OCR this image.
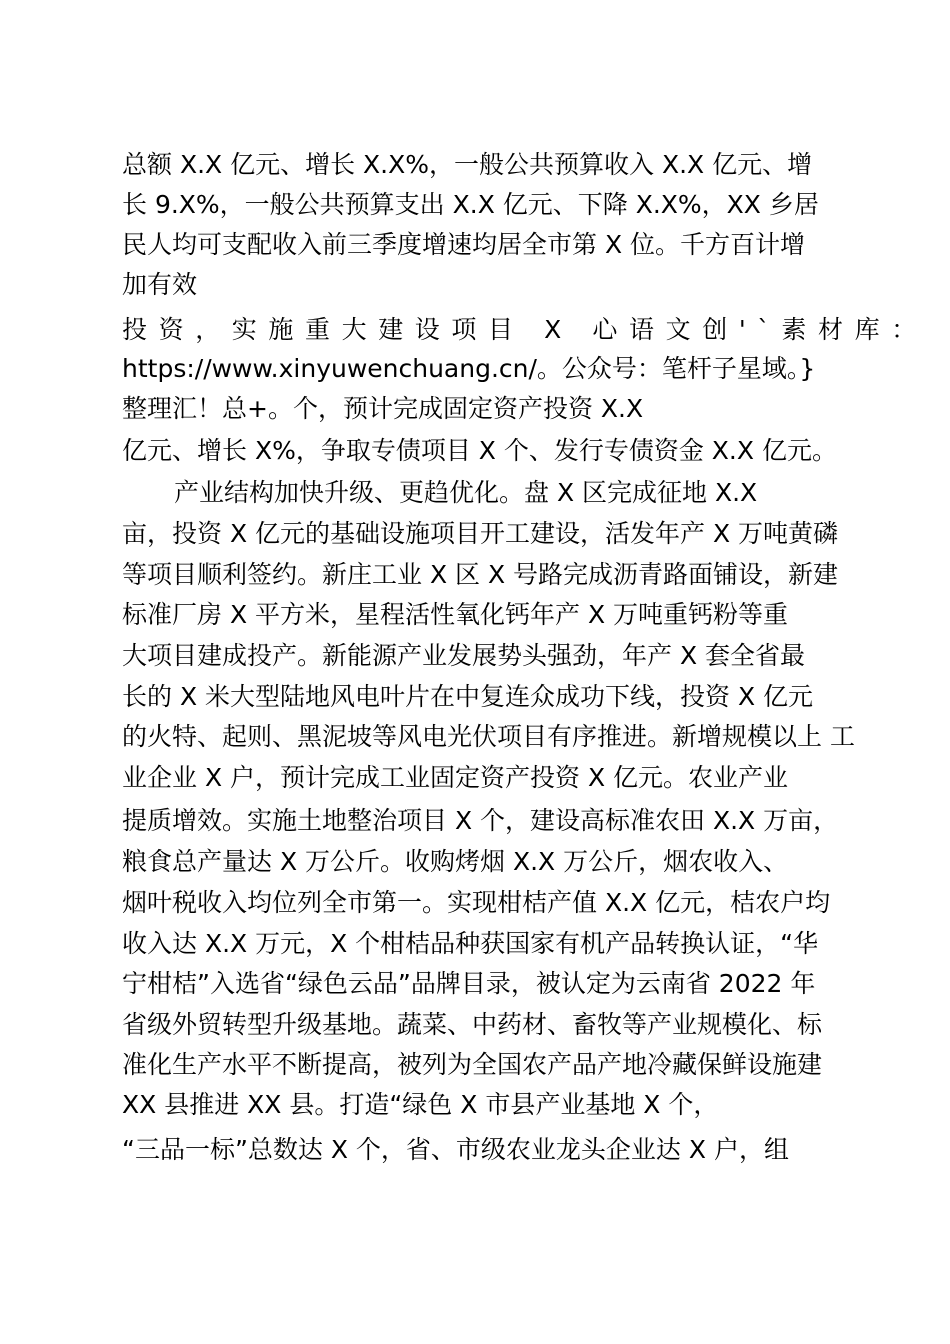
总额 X.X 亿元、增长 X.X%，一般公共预算收入 X.X 亿元、增
长 9.X%，一般公共预算支出 X.X 亿元、下降 X.X%，XX 乡居
民人均可支配收入前三季度增速均居全市第 X 位。千方百计增
加有效
投资，实施重大建设项目 X 心语文创'`素材库：
https://www.xinyuwenchuang.cn/。公众号：笔杆子星域。}
整理汇！总+。个，预计完成固定资产投资 X.X
亿元、增长 X%，争取专债项目 X 个、发行专债资金 X.X 亿元。
产业结构加快升级、更趋优化。盘 X 区完成征地 X.X
亩，投资 X 亿元的基础设施项目开工建设，活发年产 X 万吨黄磷
等项目顺利签约。新庄工业 X 区 X 号路完成沥青路面铺设，新建
标准厂房 X 平方米，星程活性氧化钙年产 X 万吨重钙粉等重
大项目建成投产。新能源产业发展势头强劲，年产 X 套全省最
长的 X 米大型陆地风电叶片在中复连众成功下线，投资 X 亿元
的火特、起则、黑泥坡等风电光伏项目有序推进。新增规模以上 工
业企业 X 户，预计完成工业固定资产投资 X 亿元。农业产业
提质增效。实施土地整治项目 X 个，建设高标准农田 X.X 万亩，
粮食总产量达 X 万公斤。收购烤烟 X.X 万公斤，烟农收入、
烟叶税收入均位列全市第一。实现柑桔产值 X.X 亿元，桔农户均
收入达 X.X 万元，X 个柑桔品种获国家有机产品转换认证，“华
宁柑桔”入选省“绿色云品”品牌目录，被认定为云南省 2022 年
省级外贸转型升级基地。蔬菜、中药材、畜牧等产业规模化、标
准化生产水平不断提高，被列为全国农产品产地冷藏保鲜设施建
XX 县推进 XX 县。打造“绿色 X 市县产业基地 X 个，
“三品一标”总数达 X 个，省、市级农业龙头企业达 X 户，组
